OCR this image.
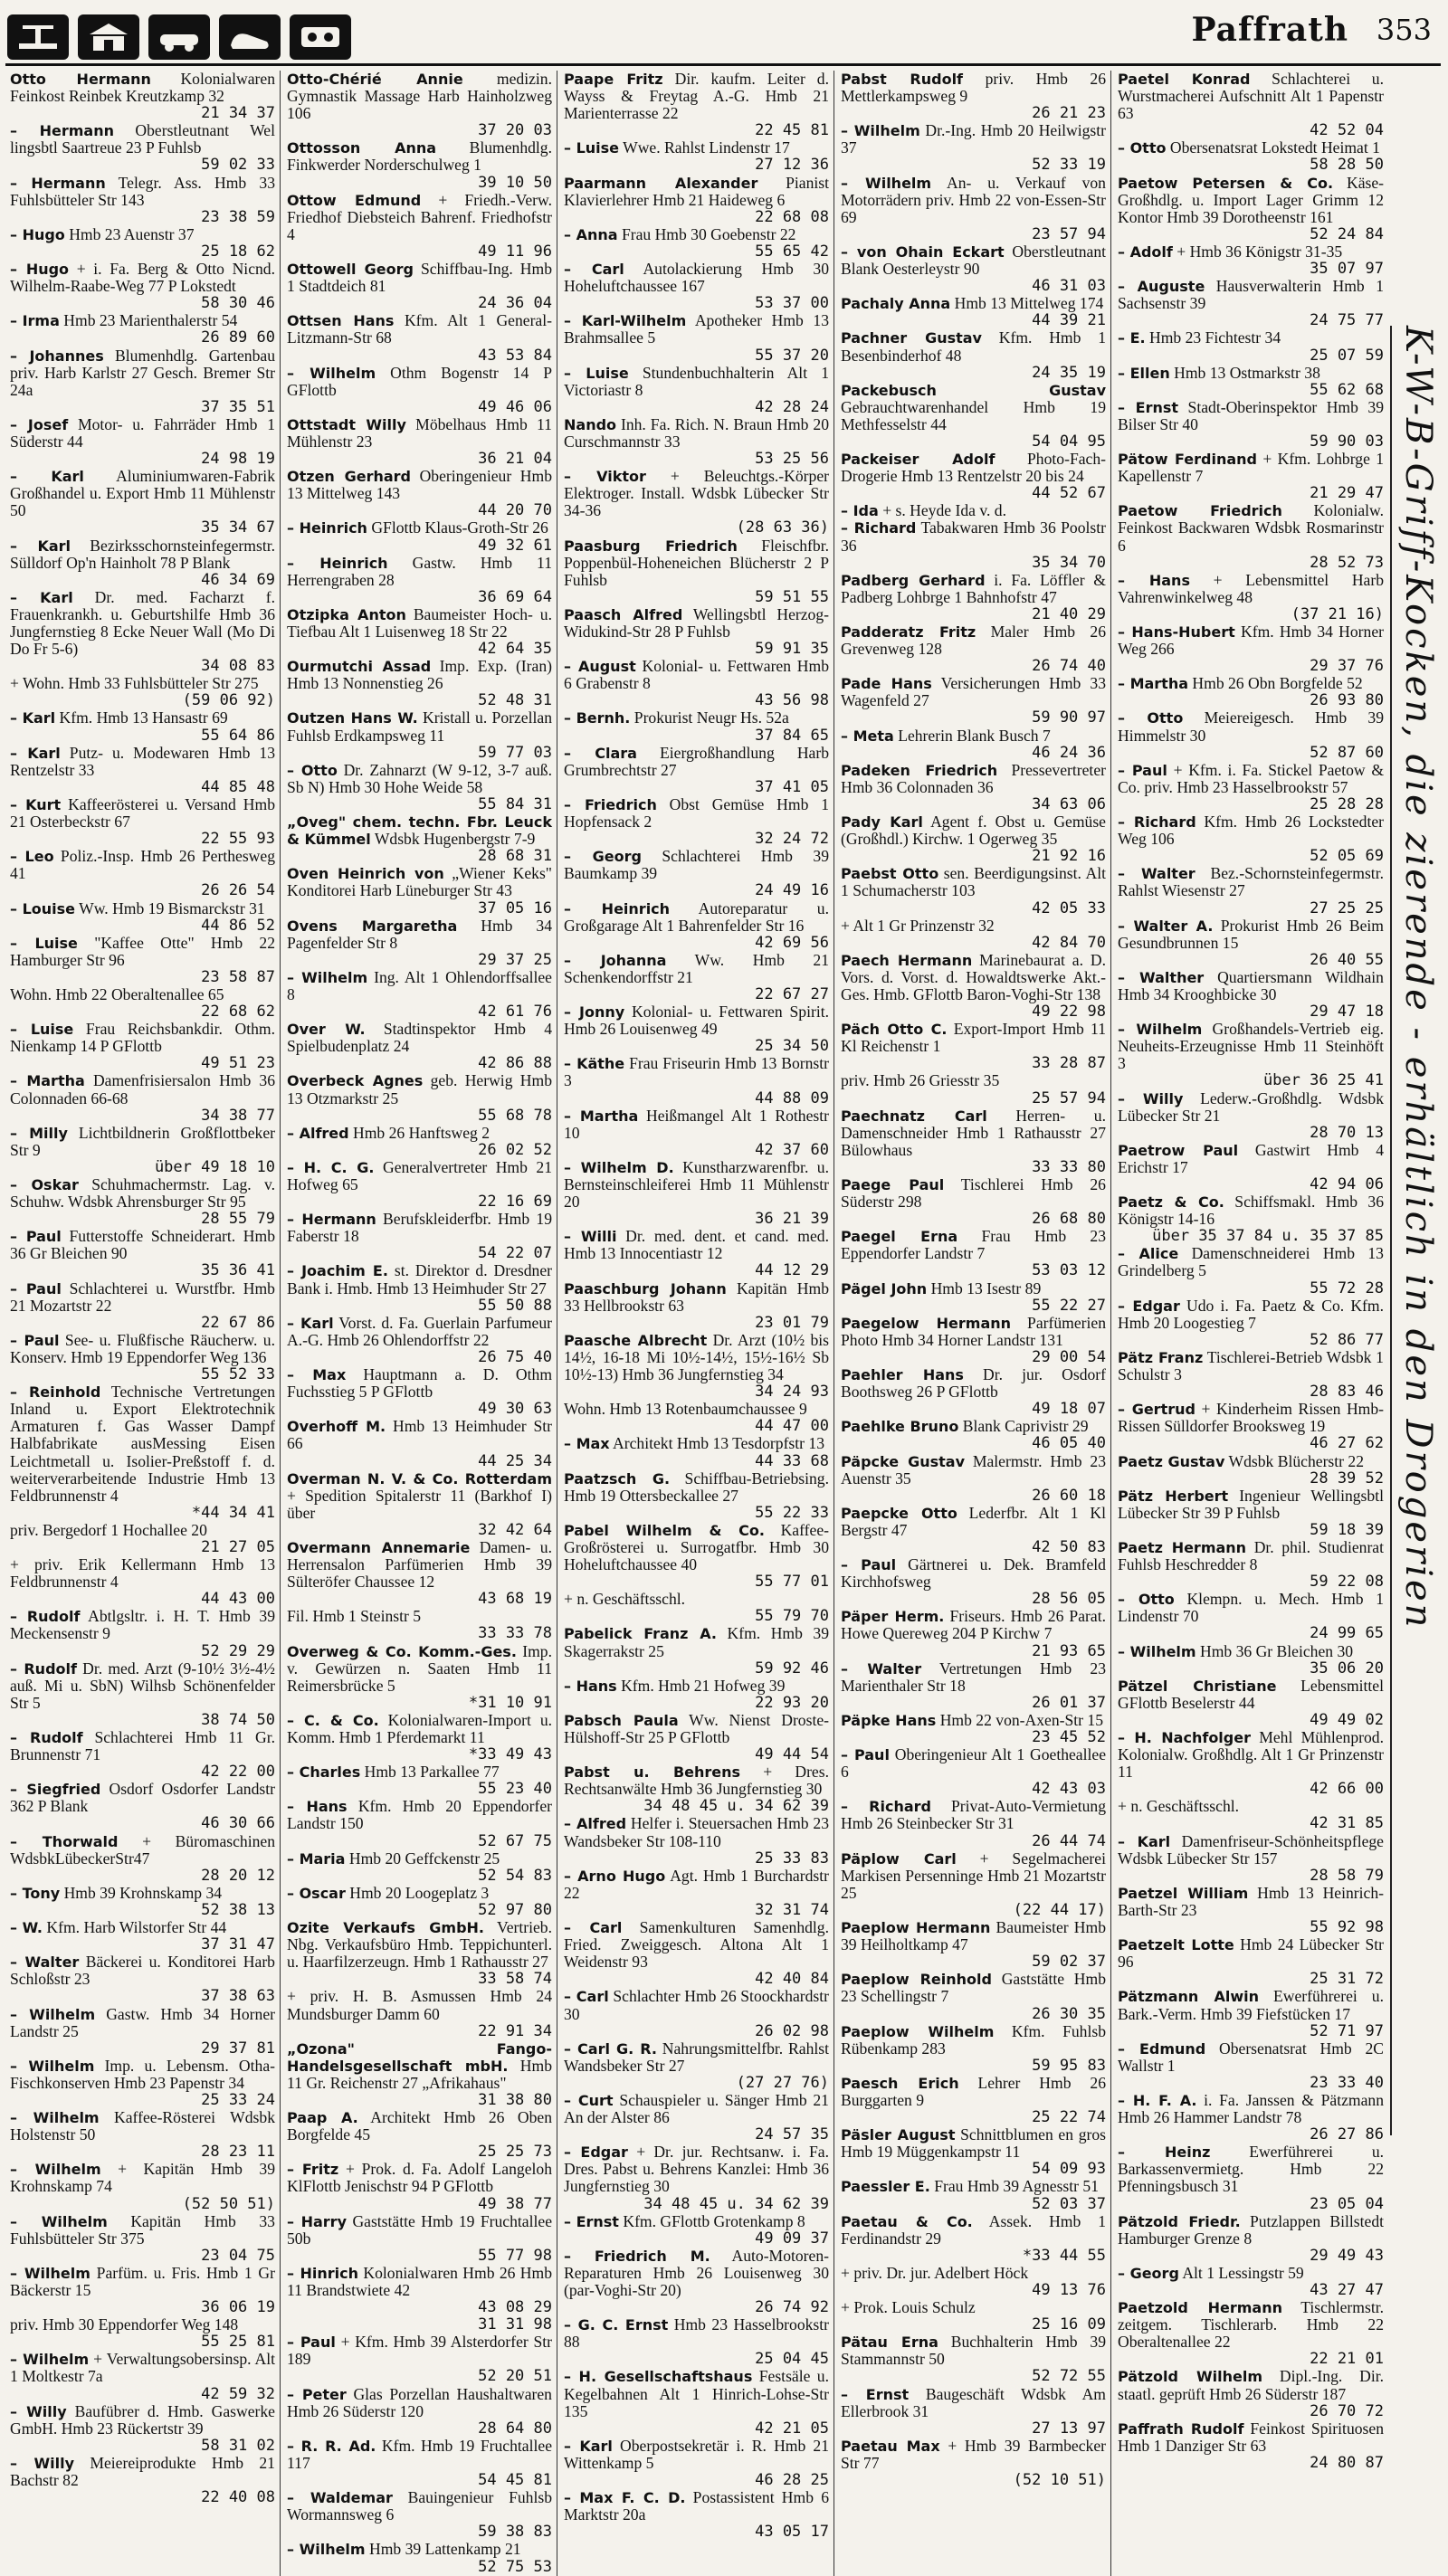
Paffrath 353

Otto Hermann Kolonialwaren Feinkost Reinbek Kreutzkamp 32
21 34 37

– Hermann Oberstleutnant Wel lingsbtl Saartreue 23 P Fuhlsb
59 02 33

– Hermann Telegr. Ass. Hmb 33 Fuhlsbütteler Str 143
23 38 59

– Hugo Hmb 23 Auenstr 37
25 18 62

– Hugo + i. Fa. Berg & Otto Nicnd. Wilhelm-Raabe-Weg 77 P Lokstedt
58 30 46

– Irma Hmb 23 Marienthalerstr 54
26 89 60

– Johannes Blumenhdlg. Gartenbau priv. Harb Karlstr 27 Gesch. Bremer Str 24a
37 35 51

– Josef Motor- u. Fahrräder Hmb 1 Süderstr 44
24 98 19

– Karl Aluminiumwaren-Fabrik Großhandel u. Export Hmb 11 Mühlenstr 50
35 34 67

– Karl Bezirksschornsteinfegermstr. Sülldorf Op'n Hainholt 78 P Blank
46 34 69

– Karl Dr. med. Facharzt f. Frauenkrankh. u. Geburtshilfe Hmb 36 Jungfernstieg 8 Ecke Neuer Wall (Mo Di Do Fr 5-6)
34 08 83

+ Wohn. Hmb 33 Fuhlsbütteler Str 275
(59 06 92)

– Karl Kfm. Hmb 13 Hansastr 69
55 64 86

– Karl Putz- u. Modewaren Hmb 13 Rentzelstr 33
44 85 48

– Kurt Kaffeerösterei u. Versand Hmb 21 Osterbeckstr 67
22 55 93

– Leo Poliz.-Insp. Hmb 26 Perthesweg 41
26 26 54

– Louise Ww. Hmb 19 Bismarckstr 31
44 86 52

– Luise "Kaffee Otte" Hmb 22 Hamburger Str 96
23 58 87

Wohn. Hmb 22 Oberaltenallee 65
22 68 62

– Luise Frau Reichsbankdir. Othm. Nienkamp 14 P GFlottb
49 51 23

– Martha Damenfrisiersalon Hmb 36 Colonnaden 66-68
34 38 77

– Milly Lichtbildnerin Großflottbeker Str 9
über 49 18 10

– Oskar Schuhmachermstr. Lag. v. Schuhw. Wdsbk Ahrensburger Str 95
28 55 79

– Paul Futterstoffe Schneiderart. Hmb 36 Gr Bleichen 90
35 36 41

– Paul Schlachterei u. Wurstfbr. Hmb 21 Mozartstr 22
22 67 86

– Paul See- u. Flußfische Räucherw. u. Konserv. Hmb 19 Eppendorfer Weg 136
55 52 33

– Reinhold Technische Vertretungen Inland u. Export Elektrotechnik Armaturen f. Gas Wasser Dampf Halbfabrikate ausMessing Eisen Leichtmetall u. Isolier-Preßstoff f. d. weiterverarbeitende Industrie Hmb 13 Feldbrunnenstr 4
*44 34 41

priv. Bergedorf 1 Hochallee 20
21 27 05

+ priv. Erik Kellermann Hmb 13 Feldbrunnenstr 4
44 43 00

– Rudolf Abtlgsltr. i. H. T. Hmb 39 Meckensenstr 9
52 29 29

– Rudolf Dr. med. Arzt (9-10½ 3½-4½ auß. Mi u. SbN) Wilhsb Schönenfelder Str 5
38 74 50

– Rudolf Schlachterei Hmb 11 Gr. Brunnenstr 71
42 22 00

– Siegfried Osdorf Osdorfer Landstr 362 P Blank
46 30 66

– Thorwald + Büromaschinen WdsbkLübeckerStr47
28 20 12

– Tony Hmb 39 Krohnskamp 34
52 38 13

– W. Kfm. Harb Wilstorfer Str 44
37 31 47

– Walter Bäckerei u. Konditorei Harb Schloßstr 23
37 38 63

– Wilhelm Gastw. Hmb 34 Horner Landstr 25
29 37 81

– Wilhelm Imp. u. Lebensm. Otha-Fischkonserven Hmb 23 Papenstr 34
25 33 24

– Wilhelm Kaffee-Rösterei Wdsbk Holstenstr 50
28 23 11

– Wilhelm + Kapitän Hmb 39 Krohnskamp 74
(52 50 51)

– Wilhelm Kapitän Hmb 33 Fuhlsbütteler Str 375
23 04 75

– Wilhelm Parfüm. u. Fris. Hmb 1 Gr Bäckerstr 15
36 06 19

priv. Hmb 30 Eppendorfer Weg 148
55 25 81

– Wilhelm + Verwaltungsobersinsp. Alt 1 Moltkestr 7a
42 59 32

– Willy Baufübrer d. Hmb. Gaswerke GmbH. Hmb 23 Rückertstr 39
58 31 02

– Willy Meiereiprodukte Hmb 21 Bachstr 82
22 40 08

Otto-Chérié Annie medizin. Gymnastik Massage Harb Hainholzweg 106
37 20 03

Ottosson Anna Blumenhdlg. Finkwerder Norderschulweg 1
39 10 50

Ottow Edmund + Friedh.-Verw. Friedhof Diebsteich Bahrenf. Friedhofstr 4
49 11 96

Ottowell Georg Schiffbau-Ing. Hmb 1 Stadtdeich 81
24 36 04

Ottsen Hans Kfm. Alt 1 General-Litzmann-Str 68
43 53 84

– Wilhelm Othm Bogenstr 14 P GFlottb
49 46 06

Ottstadt Willy Möbelhaus Hmb 11 Mühlenstr 23
36 21 04

Otzen Gerhard Oberingenieur Hmb 13 Mittelweg 143
44 20 70

– Heinrich GFlottb Klaus-Groth-Str 26
49 32 61

– Heinrich Gastw. Hmb 11 Herrengraben 28
36 69 64

Otzipka Anton Baumeister Hoch- u. Tiefbau Alt 1 Luisenweg 18 Str 22
42 64 35

Ourmutchi Assad Imp. Exp. (Iran) Hmb 13 Nonnenstieg 26
52 48 31

Outzen Hans W. Kristall u. Porzellan Fuhlsb Erdkampsweg 11
59 77 03

– Otto Dr. Zahnarzt (W 9-12, 3-7 auß. Sb N) Hmb 30 Hohe Weide 58
55 84 31

„Oveg" chem. techn. Fbr. Leuck & Kümmel Wdsbk Hugenbergstr 7-9
28 68 31

Oven Heinrich von „Wiener Keks" Konditorei Harb Lüneburger Str 43
37 05 16

Ovens Margaretha Hmb 34 Pagenfelder Str 8
29 37 25

– Wilhelm Ing. Alt 1 Ohlendorffsallee 8
42 61 76

Over W. Stadtinspektor Hmb 4 Spielbudenplatz 24
42 86 88

Overbeck Agnes geb. Herwig Hmb 13 Otzmarkstr 25
55 68 78

– Alfred Hmb 26 Hanftsweg 2
26 02 52

– H. C. G. Generalvertreter Hmb 21 Hofweg 65
22 16 69

– Hermann Berufskleiderfbr. Hmb 19 Faberstr 18
54 22 07

– Joachim E. st. Direktor d. Dresdner Bank i. Hmb. Hmb 13 Heimhuder Str 27
55 50 88

– Karl Vorst. d. Fa. Guerlain Parfumeur A.-G. Hmb 26 Ohlendorffstr 22
26 75 40

– Max Hauptmann a. D. Othm Fuchsstieg 5 P GFlottb
49 30 63

Overhoff M. Hmb 13 Heimhuder Str 66
44 25 34

Overman N. V. & Co. Rotterdam + Spedition Spitalerstr 11 (Barkhof I) über
32 42 64

Overmann Annemarie Damen- u. Herrensalon Parfümerien Hmb 39 Sülteröfer Chaussee 12
43 68 19

Fil. Hmb 1 Steinstr 5
33 33 78

Overweg & Co. Komm.-Ges. Imp. v. Gewürzen n. Saaten Hmb 11 Reimersbrücke 5
*31 10 91

– C. & Co. Kolonialwaren-Import u. Komm. Hmb 1 Pferdemarkt 11
*33 49 43

– Charles Hmb 13 Parkallee 77
55 23 40

– Hans Kfm. Hmb 20 Eppendorfer Landstr 150
52 67 75

– Maria Hmb 20 Geffckenstr 25
52 54 83

– Oscar Hmb 20 Loogeplatz 3
52 97 80

Ozite Verkaufs GmbH. Vertrieb. Nbg. Verkaufsbüro Hmb. Teppichunterl. u. Haarfilzerzeugn. Hmb 1 Rathausstr 27
33 58 74

+ priv. H. B. Asmussen Hmb 24 Mundsburger Damm 60
22 91 34

„Ozona" Fango-Handelsgesellschaft mbH. Hmb 11 Gr. Reichenstr 27 „Afrikahaus"
31 38 80

Paap A. Architekt Hmb 26 Oben Borgfelde 45
25 25 73

– Fritz + Prok. d. Fa. Adolf Langeloh KlFlottb Jenischstr 94 P GFlottb
49 38 77

– Harry Gaststätte Hmb 19 Fruchtallee 50b
55 77 98

– Hinrich Kolonialwaren Hmb 26 Hmb 11 Brandstwiete 42
43 08 29

31 31 98

– Paul + Kfm. Hmb 39 Alsterdorfer Str 189
52 20 51

– Peter Glas Porzellan Haushaltwaren Hmb 26 Süderstr 120
28 64 80

– R. R. Ad. Kfm. Hmb 19 Fruchtallee 117
54 45 81

– Waldemar Bauingenieur Fuhlsb Wormannsweg 6
59 38 83

– Wilhelm Hmb 39 Lattenkamp 21
52 75 53

Paape Fritz Dir. kaufm. Leiter d. Wayss & Freytag A.-G. Hmb 21 Marienterrasse 22
22 45 81

– Luise Wwe. Rahlst Lindenstr 17
27 12 36

Paarmann Alexander Pianist Klavierlehrer Hmb 21 Haideweg 6
22 68 08

– Anna Frau Hmb 30 Goebenstr 22
55 65 42

– Carl Autolackierung Hmb 30 Hoheluftchaussee 167
53 37 00

– Karl-Wilhelm Apotheker Hmb 13 Brahmsallee 5
55 37 20

– Luise Stundenbuchhalterin Alt 1 Victoriastr 8
42 28 24

Nando Inh. Fa. Rich. N. Braun Hmb 20 Curschmannstr 33
53 25 56

– Viktor + Beleuchtgs.-Körper Elektroger. Install. Wdsbk Lübecker Str 34-36
(28 63 36)

Paasburg Friedrich Fleischfbr. Poppenbül-Hoheneichen Blücherstr 2 P Fuhlsb
59 51 55

Paasch Alfred Wellingsbtl Herzog-Widukind-Str 28 P Fuhlsb
59 91 35

– August Kolonial- u. Fettwaren Hmb 6 Grabenstr 8
43 56 98

– Bernh. Prokurist Neugr Hs. 52a
37 84 65

– Clara Eiergroßhandlung Harb Grumbrechtstr 27
37 41 05

– Friedrich Obst Gemüse Hmb 1 Hopfensack 2
32 24 72

– Georg Schlachterei Hmb 39 Baumkamp 39
24 49 16

– Heinrich Autoreparatur u. Großgarage Alt 1 Bahrenfelder Str 16
42 69 56

– Johanna Ww. Hmb 21 Schenkendorffstr 21
22 67 27

– Jonny Kolonial- u. Fettwaren Spirit. Hmb 26 Louisenweg 49
25 34 50

– Käthe Frau Friseurin Hmb 13 Bornstr 3
44 88 09

– Martha Heißmangel Alt 1 Rothestr 10
42 37 60

– Wilhelm D. Kunstharzwarenfbr. u. Bernsteinschleiferei Hmb 11 Mühlenstr 20
36 21 39

– Willi Dr. med. dent. et cand. med. Hmb 13 Innocentiastr 12
44 12 29

Paaschburg Johann Kapitän Hmb 33 Hellbrookstr 63
23 01 79

Paasche Albrecht Dr. Arzt (10½ bis 14½, 16-18 Mi 10½-14½, 15½-16½ Sb 10½-13) Hmb 36 Jungfernstieg 34
34 24 93

Wohn. Hmb 13 Rotenbaumchaussee 9
44 47 00

– Max Architekt Hmb 13 Tesdorpfstr 13
44 33 68

Paatzsch G. Schiffbau-Betriebsing. Hmb 19 Ottersbeckallee 27
55 22 33

Pabel Wilhelm & Co. Kaffee-Großrösterei u. Surrogatfbr. Hmb 30 Hoheluftchaussee 40
55 77 01

+ n. Geschäftsschl.
55 79 70

Pabelick Franz A. Kfm. Hmb 39 Skagerrakstr 25
59 92 46

– Hans Kfm. Hmb 21 Hofweg 39
22 93 20

Pabsch Paula Ww. Nienst Droste-Hülshoff-Str 25 P GFlottb
49 44 54

Pabst u. Behrens + Dres. Rechtsanwälte Hmb 36 Jungfernstieg 30
34 48 45 u. 34 62 39

– Alfred Helfer i. Steuersachen Hmb 23 Wandsbeker Str 108-110
25 33 83

– Arno Hugo Agt. Hmb 1 Burchardstr 22
32 31 74

– Carl Samenkulturen Samenhdlg. Fried. Zweiggesch. Altona Alt 1 Weidenstr 93
42 40 84

– Carl Schlachter Hmb 26 Stoockhardstr 30
26 02 98

– Carl G. R. Nahrungsmittelfbr. Rahlst Wandsbeker Str 27
(27 27 76)

– Curt Schauspieler u. Sänger Hmb 21 An der Alster 86
24 57 35

– Edgar + Dr. jur. Rechtsanw. i. Fa. Dres. Pabst u. Behrens Kanzlei: Hmb 36 Jungfernstieg 30
34 48 45 u. 34 62 39

– Ernst Kfm. GFlottb Grotenkamp 8
49 09 37

– Friedrich M. Auto-Motoren-Reparaturen Hmb 26 Louisenweg 30 (par-Voghi-Str 20)
26 74 92

– G. C. Ernst Hmb 23 Hasselbrookstr 88
25 04 45

– H. Gesellschaftshaus Festsäle u. Kegelbahnen Alt 1 Hinrich-Lohse-Str 135
42 21 05

– Karl Oberpostsekretär i. R. Hmb 21 Wittenkamp 5
46 28 25

– Max F. C. D. Postassistent Hmb 6 Marktstr 20a
43 05 17

Pabst Rudolf priv. Hmb 26 Mettlerkampsweg 9
26 21 23

– Wilhelm Dr.-Ing. Hmb 20 Heilwigstr 37
52 33 19

– Wilhelm An- u. Verkauf von Motorrädern priv. Hmb 22 von-Essen-Str 69
23 57 94

– von Ohain Eckart Oberstleutnant Blank Oesterleystr 90
46 31 03

Pachaly Anna Hmb 13 Mittelweg 174
44 39 21

Pachner Gustav Kfm. Hmb 1 Besenbinderhof 48
24 35 19

Packebusch Gustav Gebrauchtwarenhandel Hmb 19 Methfesselstr 44
54 04 95

Packeiser Adolf Photo-Fach-Drogerie Hmb 13 Rentzelstr 20 bis 24
44 52 67

– Ida + s. Heyde Ida v. d.

– Richard Tabakwaren Hmb 36 Poolstr 36
35 34 70

Padberg Gerhard i. Fa. Löffler & Padberg Lohbrge 1 Bahnhofstr 47
21 40 29

Padderatz Fritz Maler Hmb 26 Grevenweg 128
26 74 40

Pade Hans Versicherungen Hmb 33 Wagenfeld 27
59 90 97

– Meta Lehrerin Blank Busch 7
46 24 36

Padeken Friedrich Pressevertreter Hmb 36 Colonnaden 36
34 63 06

Pady Karl Agent f. Obst u. Gemüse (Großhdl.) Kirchw. 1 Ogerweg 35
21 92 16

Paebst Otto sen. Beerdigungsinst. Alt 1 Schumacherstr 103
42 05 33

+ Alt 1 Gr Prinzenstr 32
42 84 70

Paech Hermann Marinebaurat a. D. Vors. d. Vorst. d. Howaldtswerke Akt.-Ges. Hmb. GFlottb Baron-Voghi-Str 138
49 22 98

Päch Otto C. Export-Import Hmb 11 Kl Reichenstr 1
33 28 87

priv. Hmb 26 Griesstr 35
25 57 94

Paechnatz Carl Herren- u. Damenschneider Hmb 1 Rathausstr 27 Bülowhaus
33 33 80

Paege Paul Tischlerei Hmb 26 Süderstr 298
26 68 80

Paegel Erna Frau Hmb 23 Eppendorfer Landstr 7
53 03 12

Pägel John Hmb 13 Isestr 89
55 22 27

Paegelow Hermann Parfümerien Photo Hmb 34 Horner Landstr 131
29 00 54

Paehler Hans Dr. jur. Osdorf Boothsweg 26 P GFlottb
49 18 07

Paehlke Bruno Blank Caprivistr 29
46 05 40

Päpcke Gustav Malermstr. Hmb 23 Auenstr 35
26 60 18

Paepcke Otto Lederfbr. Alt 1 Kl Bergstr 47
42 50 83

– Paul Gärtnerei u. Dek. Bramfeld Kirchhofsweg
28 56 05

Päper Herm. Friseurs. Hmb 26 Parat. Howe Quereweg 204 P Kirchw 7
21 93 65

– Walter Vertretungen Hmb 23 Marienthaler Str 18
26 01 37

Päpke Hans Hmb 22 von-Axen-Str 15
23 45 52

– Paul Oberingenieur Alt 1 Goetheallee 6
42 43 03

– Richard Privat-Auto-Vermietung Hmb 26 Steinbecker Str 31
26 44 74

Päplow Carl + Segelmacherei Markisen Persenninge Hmb 21 Mozartstr 25
(22 44 17)

Paeplow Hermann Baumeister Hmb 39 Heilholtkamp 47
59 02 37

Paeplow Reinhold Gaststätte Hmb 23 Schellingstr 7
26 30 35

Paeplow Wilhelm Kfm. Fuhlsb Rübenkamp 283
59 95 83

Paesch Erich Lehrer Hmb 26 Burggarten 9
25 22 74

Päsler August Schnittblumen en gros Hmb 19 Müggenkampstr 11
54 09 93

Paessler E. Frau Hmb 39 Agnesstr 51
52 03 37

Paetau & Co. Assek. Hmb 1 Ferdinandstr 29
*33 44 55

+ priv. Dr. jur. Adelbert Höck
49 13 76

+ Prok. Louis Schulz
25 16 09

Pätau Erna Buchhalterin Hmb 39 Stammannstr 50
52 72 55

– Ernst Baugeschäft Wdsbk Am Ellerbrook 31
27 13 97

Paetau Max + Hmb 39 Barmbecker Str 77
(52 10 51)

Paetel Konrad Schlachterei u. Wurstmacherei Aufschnitt Alt 1 Papenstr 63
42 52 04

– Otto Obersenatsrat Lokstedt Heimat 1
58 28 50

Paetow Petersen & Co. Käse-Großhdlg. u. Import Lager Grimm 12 Kontor Hmb 39 Dorotheenstr 161
52 24 84

– Adolf + Hmb 36 Königstr 31-35
35 07 97

– Auguste Hausverwalterin Hmb 1 Sachsenstr 39
24 75 77

– E. Hmb 23 Fichtestr 34
25 07 59

– Ellen Hmb 13 Ostmarkstr 38
55 62 68

– Ernst Stadt-Oberinspektor Hmb 39 Bilser Str 40
59 90 03

Pätow Ferdinand + Kfm. Lohbrge 1 Kapellenstr 7
21 29 47

Paetow Friedrich Kolonialw. Feinkost Backwaren Wdsbk Rosmarinstr 6
28 52 73

– Hans + Lebensmittel Harb Vahrenwinkelweg 48
(37 21 16)

– Hans-Hubert Kfm. Hmb 34 Horner Weg 266
29 37 76

– Martha Hmb 26 Obn Borgfelde 52
26 93 80

– Otto Meiereigesch. Hmb 39 Himmelstr 30
52 87 60

– Paul + Kfm. i. Fa. Stickel Paetow & Co. priv. Hmb 23 Hasselbrookstr 57
25 28 28

– Richard Kfm. Hmb 26 Lockstedter Weg 106
52 05 69

– Walter Bez.-Schornsteinfegermstr. Rahlst Wiesenstr 27
27 25 25

– Walter A. Prokurist Hmb 26 Beim Gesundbrunnen 15
26 40 55

– Walther Quartiersmann Wildhain Hmb 34 Krooghbicke 30
29 47 18

– Wilhelm Großhandels-Vertrieb eig. Neuheits-Erzeugnisse Hmb 11 Steinhöft 3
über 36 25 41

– Willy Lederw.-Großhdlg. Wdsbk Lübecker Str 21
28 70 13

Paetrow Paul Gastwirt Hmb 4 Erichstr 17
42 94 06

Paetz & Co. Schiffsmakl. Hmb 36 Königstr 14-16
über 35 37 84 u. 35 37 85

– Alice Damenschneiderei Hmb 13 Grindelberg 5
55 72 28

– Edgar Udo i. Fa. Paetz & Co. Kfm. Hmb 20 Loogestieg 7
52 86 77

Pätz Franz Tischlerei-Betrieb Wdsbk 1 Schulstr 3
28 83 46

– Gertrud + Kinderheim Rissen Hmb-Rissen Sülldorfer Brooksweg 19
46 27 62

Paetz Gustav Wdsbk Blücherstr 22
28 39 52

Pätz Herbert Ingenieur Wellingsbtl Lübecker Str 39 P Fuhlsb
59 18 39

Paetz Hermann Dr. phil. Studienrat Fuhlsb Heschredder 8
59 22 08

– Otto Klempn. u. Mech. Hmb 1 Lindenstr 70
24 99 65

– Wilhelm Hmb 36 Gr Bleichen 30
35 06 20

Pätzel Christiane Lebensmittel GFlottb Beselerstr 44
49 49 02

– H. Nachfolger Mehl Mühlenprod. Kolonialw. Großhdlg. Alt 1 Gr Prinzenstr 11
42 66 00

+ n. Geschäftsschl.
42 31 85

– Karl Damenfriseur-Schönheitspflege Wdsbk Lübecker Str 157
28 58 79

Paetzel William Hmb 13 Heinrich-Barth-Str 23
55 92 98

Paetzelt Lotte Hmb 24 Lübecker Str 96
25 31 72

Pätzmann Alwin Ewerführerei u. Bark.-Verm. Hmb 39 Fiefstücken 17
52 71 97

– Edmund Obersenatsrat Hmb 2C Wallstr 1
23 33 40

– H. F. A. i. Fa. Janssen & Pätzmann Hmb 26 Hammer Landstr 78
26 27 86

– Heinz Ewerführerei u. Barkassenvermietg. Hmb 22 Pfenningsbusch 31
23 05 04

Pätzold Friedr. Putzlappen Billstedt Hamburger Grenze 8
29 49 43

– Georg Alt 1 Lessingstr 59
43 27 47

Paetzold Hermann Tischlermstr. zeitgem. Tischlerarb. Hmb 22 Oberaltenallee 22
22 21 01

Pätzold Wilhelm Dipl.-Ing. Dir. staatl. geprüft Hmb 26 Süderstr 187
26 70 72

Paffrath Rudolf Feinkost Spirituosen Hmb 1 Danziger Str 63
24 80 87

K-W-B-Griff-Kocken, die zierende - erhältlich in den Drogerien
